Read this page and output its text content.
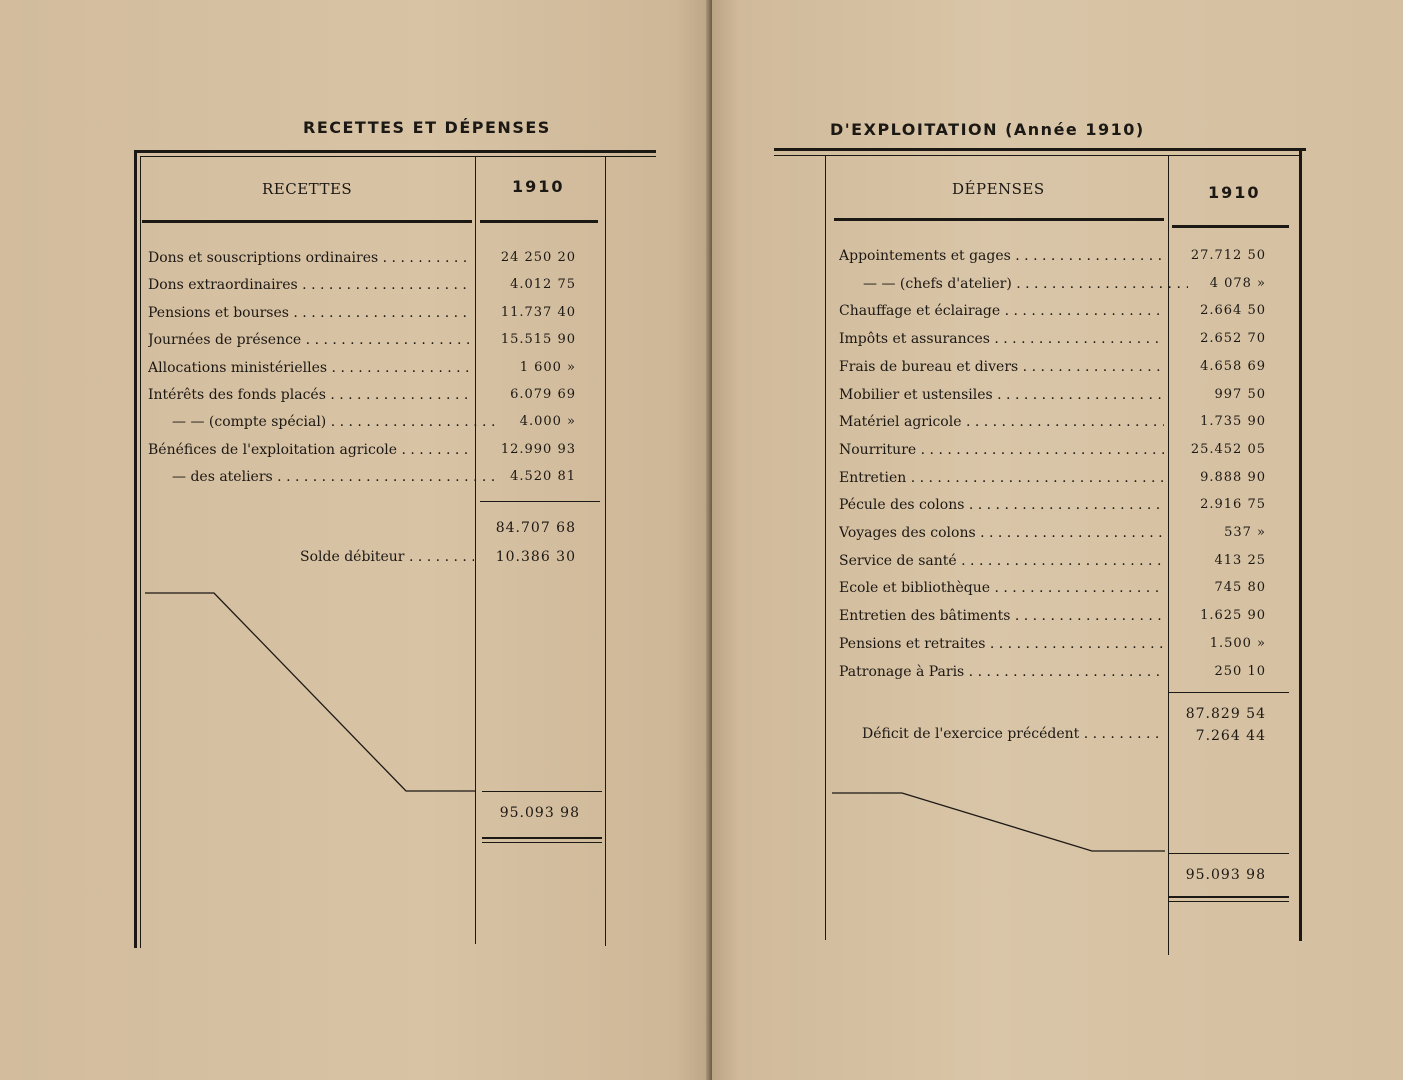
RECETTES ET DÉPENSES
RECETTES	1910
Dons et souscriptions ordinaires . . .	24 250 20
Dons extraordinaires . . .	4.012 75
Pensions et bourses . . .	11.737 40
Journées de présence . . .	15.515 90
Allocations ministérielles . . .	1 600 »
Intérêts des fonds placés . . .	6.079 69
— — (compte spécial) . . .	4.000 »
Bénéfices de l'exploitation agricole . . .	12.990 93
— des ateliers . . .	4.520 81
84.707 68
Solde débiteur . . .	10.386 30
95.093 98
D'EXPLOITATION (Année 1910)
DÉPENSES	1910
Appointements et gages . . .	27.712 50
— — (chefs d'atelier) . . .	4 078 »
Chauffage et éclairage . . .	2.664 50
Impôts et assurances . . .	2.652 70
Frais de bureau et divers . . .	4.658 69
Mobilier et ustensiles . . .	997 50
Matériel agricole . . .	1.735 90
Nourriture . . .	25.452 05
Entretien . . .	9.888 90
Pécule des colons . . .	2.916 75
Voyages des colons . . .	537 »
Service de santé . . .	413 25
Ecole et bibliothèque . . .	745 80
Entretien des bâtiments . . .	1.625 90
Pensions et retraites . . .	1.500 »
Patronage à Paris . . .	250 10
87.829 54
Déficit de l'exercice précédent . . .	7.264 44
95.093 98
